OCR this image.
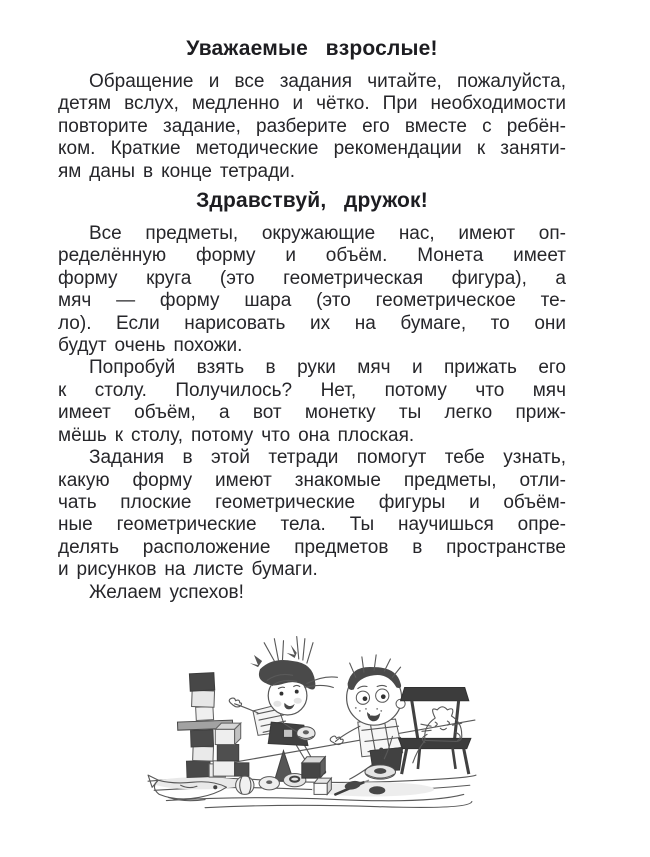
Уважаемые взрослые!
Обращение и все задания читайте, пожалуйста,
детям вслух, медленно и чётко. При необходимости
повторите задание, разберите его вместе с ребён-
ком. Краткие методические рекомендации к заняти-
ям даны в конце тетради.
Здравствуй, дружок!
Все предметы, окружающие нас, имеют оп-
ределённую форму и объём. Монета имеет
форму круга (это геометрическая фигура), а
мяч — форму шара (это геометрическое те-
ло). Если нарисовать их на бумаге, то они
будут очень похожи.
Попробуй взять в руки мяч и прижать его
к столу. Получилось? Нет, потому что мяч
имеет объём, а вот монетку ты легко приж-
мёшь к столу, потому что она плоская.
Задания в этой тетради помогут тебе узнать,
какую форму имеют знакомые предметы, отли-
чать плоские геометрические фигуры и объём-
ные геометрические тела. Ты научишься опре-
делять расположение предметов в пространстве
и рисунков на листе бумаги.
Желаем успехов!
